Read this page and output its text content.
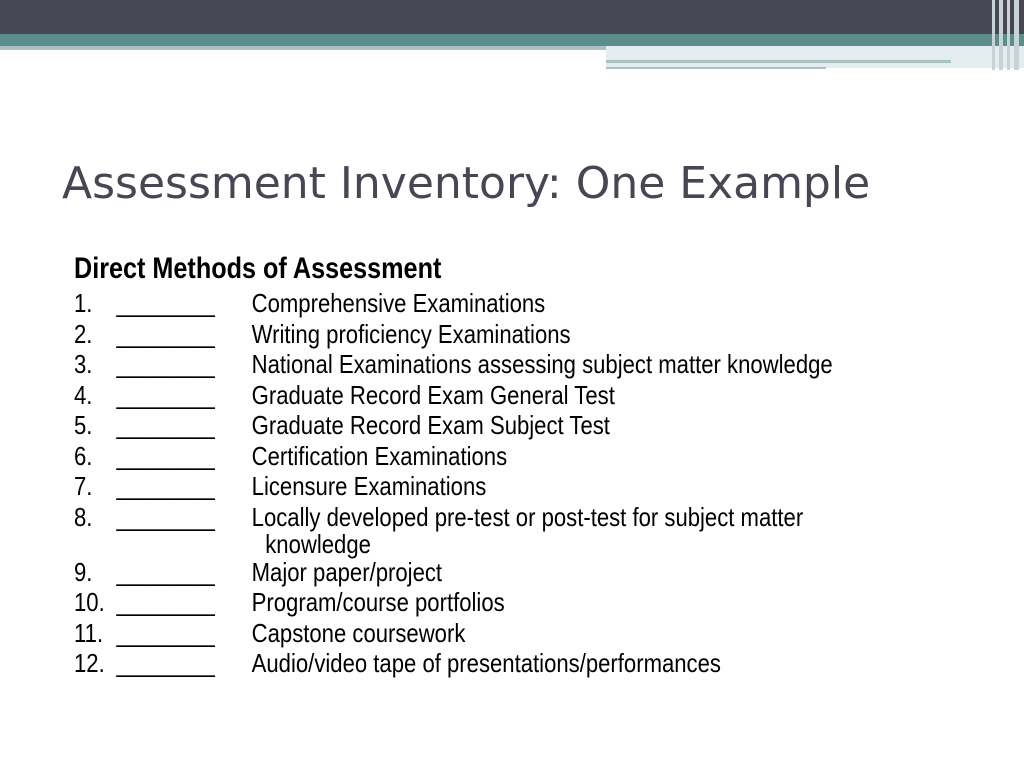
Assessment Inventory: One Example

Direct Methods of Assessment

1. ________ Comprehensive Examinations
2. ________ Writing proficiency Examinations
3. ________ National Examinations assessing subject matter knowledge
4. ________ Graduate Record Exam General Test
5. ________ Graduate Record Exam Subject Test
6. ________ Certification Examinations
7. ________ Licensure Examinations
8. ________ Locally developed pre-test or post-test for subject matter
knowledge
9. ________ Major paper/project
10. ________ Program/course portfolios
11. ________ Capstone coursework
12. ________ Audio/video tape of presentations/performances
